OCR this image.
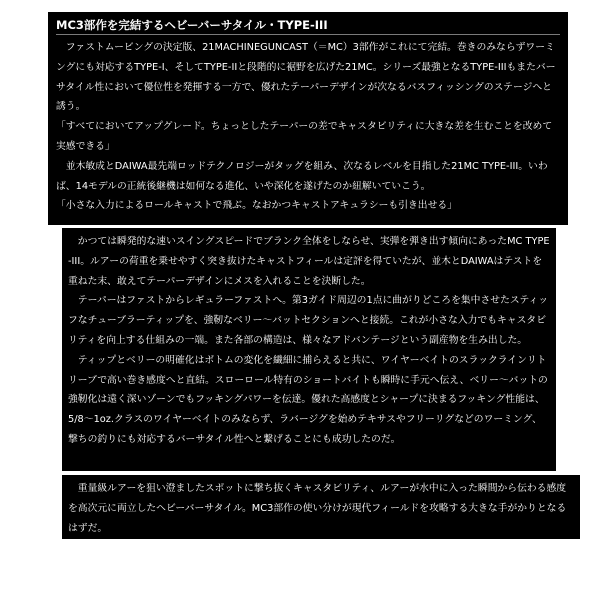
MC3部作を完結するヘビーバーサタイル・TYPE-III

ファストムービングの決定版、21MACHINEGUNCAST（＝MC）3部作がこれにて完結。巻きのみならずワーミングにも対応するTYPE-I、そしてTYPE-IIと段階的に裾野を広げた21MC。シリーズ最強となるTYPE-IIIもまたバーサタイル性において優位性を発揮する一方で、優れたテーパーデザインが次なるバスフィッシングのステージへと誘う。

「すべてにおいてアップグレード。ちょっとしたテーパーの差でキャスタビリティに大きな差を生むことを改めて実感できる」

並木敏成とDAIWA最先端ロッドテクノロジーがタッグを組み、次なるレベルを目指した21MC TYPE-III。いわば、14モデルの正統後継機は如何なる進化、いや深化を遂げたのか紐解いていこう。

「小さな入力によるロールキャストで飛ぶ。なおかつキャストアキュラシーも引き出せる」

かつては瞬発的な速いスイングスピードでブランク全体をしならせ、実弾を弾き出す傾向にあったMC TYPE-III。ルアーの荷重を乗せやすく突き抜けたキャストフィールは定評を得ていたが、並木とDAIWAはテストを重ねた末、敢えてテーパーデザインにメスを入れることを決断した。

テーパーはファストからレギュラーファストへ。第3ガイド周辺の1点に曲がりどころを集中させたスティッフなチューブラーティップを、強靭なベリー〜バットセクションへと接続。これが小さな入力でもキャスタビリティを向上する仕組みの一端。また各部の構造は、様々なアドバンテージという副産物を生み出した。

ティップとベリーの明確化はボトムの変化を繊細に捕らえると共に、ワイヤーベイトのスラックラインリトリーブで高い巻き感度へと直結。スローロール特有のショートバイトも瞬時に手元へ伝え、ベリー〜バットの強靭化は遠く深いゾーンでもフッキングパワーを伝達。優れた高感度とシャープに決まるフッキング性能は、5/8〜1oz.クラスのワイヤーベイトのみならず、ラバージグを始めテキサスやフリーリグなどのワーミング、撃ちの釣りにも対応するバーサタイル性へと繋げることにも成功したのだ。

重量級ルアーを狙い澄ましたスポットに撃ち抜くキャスタビリティ、ルアーが水中に入った瞬間から伝わる感度を高次元に両立したヘビーバーサタイル。MC3部作の使い分けが現代フィールドを攻略する大きな手がかりとなるはずだ。
